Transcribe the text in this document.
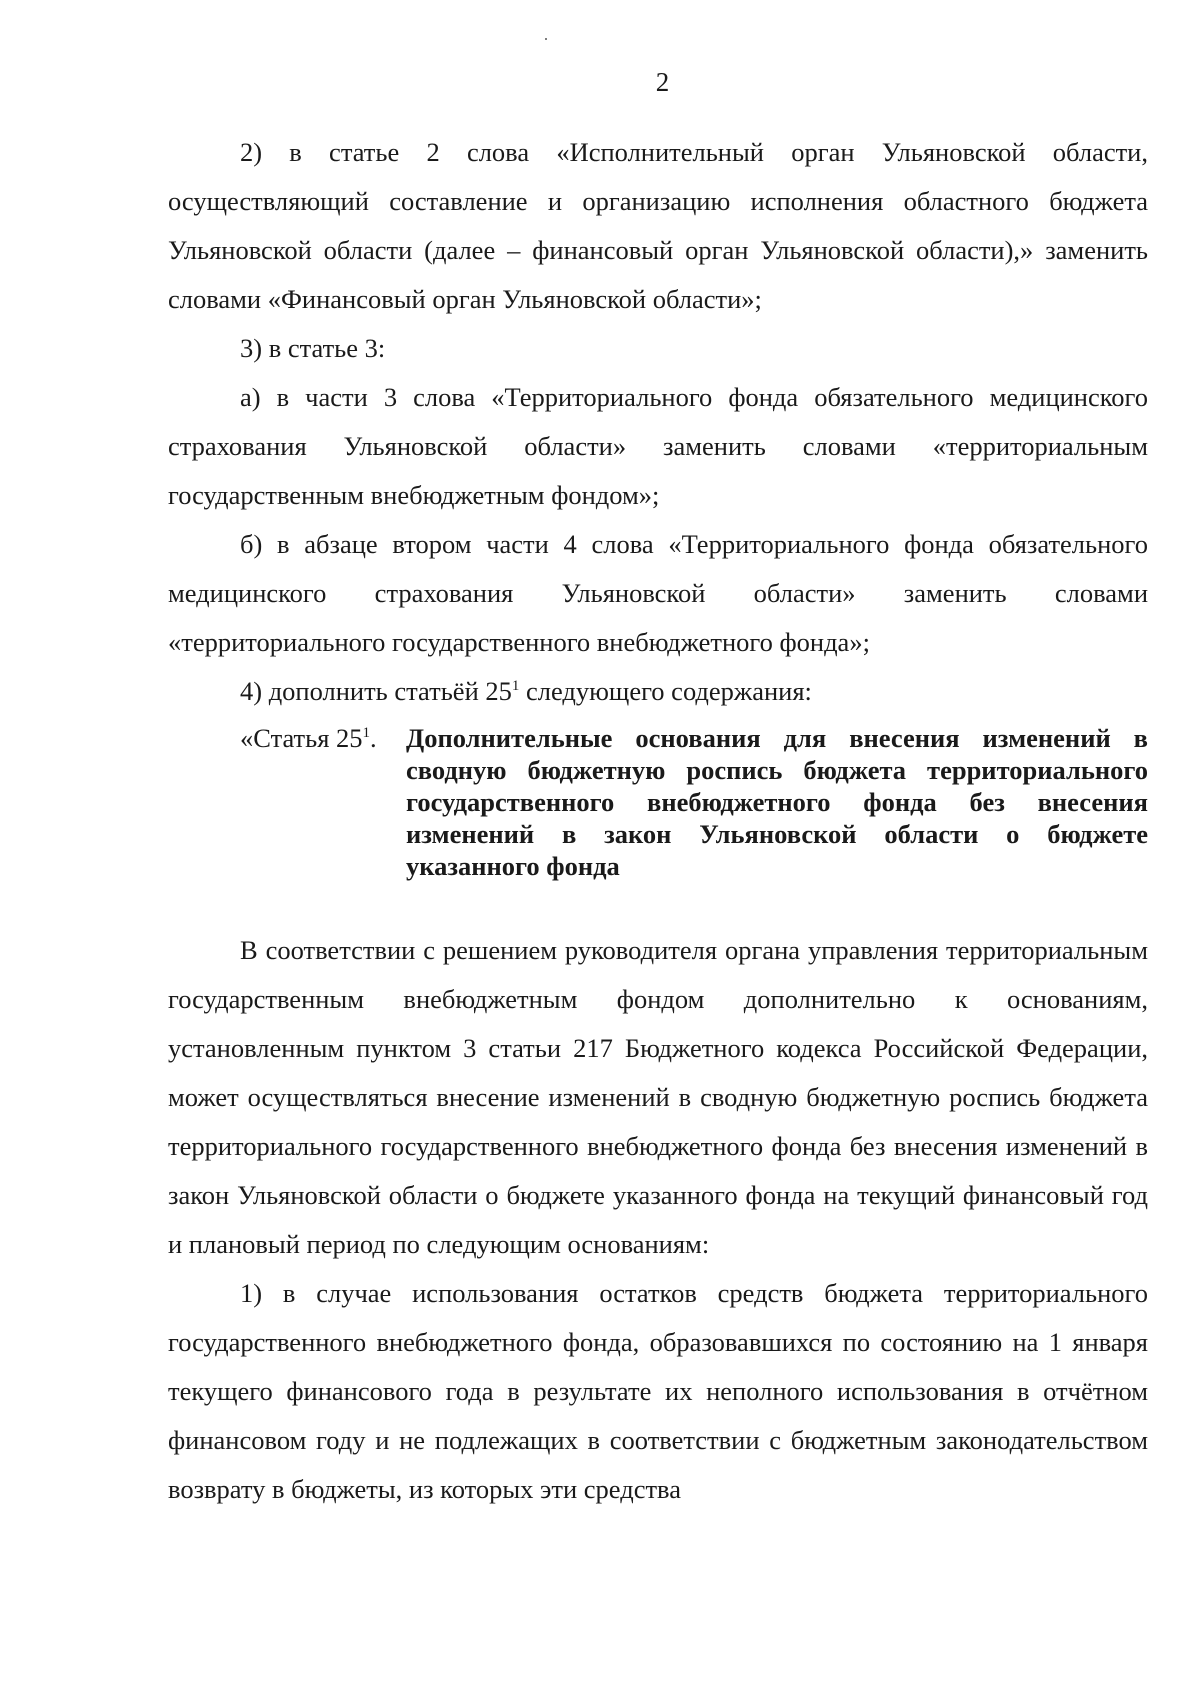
2

2) в статье 2 слова «Исполнительный орган Ульяновской области, осуществляющий составление и организацию исполнения областного бюджета Ульяновской области (далее – финансовый орган Ульяновской области),» заменить словами «Финансовый орган Ульяновской области»;

3) в статье 3:

а) в части 3 слова «Территориального фонда обязательного медицинского страхования Ульяновской области» заменить словами «территориальным государственным внебюджетным фондом»;

б) в абзаце втором части 4 слова «Территориального фонда обязательного медицинского страхования Ульяновской области» заменить словами «территориального государственного внебюджетного фонда»;

4) дополнить статьёй $25^1$ следующего содержания:

«Статья $25^1$.	Дополнительные основания для внесения изменений в сводную бюджетную роспись бюджета территориального государственного внебюджетного фонда без внесения изменений в закон Ульяновской области о бюджете указанного фонда

В соответствии с решением руководителя органа управления территориальным государственным внебюджетным фондом дополнительно к основаниям, установленным пунктом 3 статьи 217 Бюджетного кодекса Российской Федерации, может осуществляться внесение изменений в сводную бюджетную роспись бюджета территориального государственного внебюджетного фонда без внесения изменений в закон Ульяновской области о бюджете указанного фонда на текущий финансовый год и плановый период по следующим основаниям:

1) в случае использования остатков средств бюджета территориального государственного внебюджетного фонда, образовавшихся по состоянию на 1 января текущего финансового года в результате их неполного использования в отчётном финансовом году и не подлежащих в соответствии с бюджетным законодательством возврату в бюджеты, из которых эти средства
